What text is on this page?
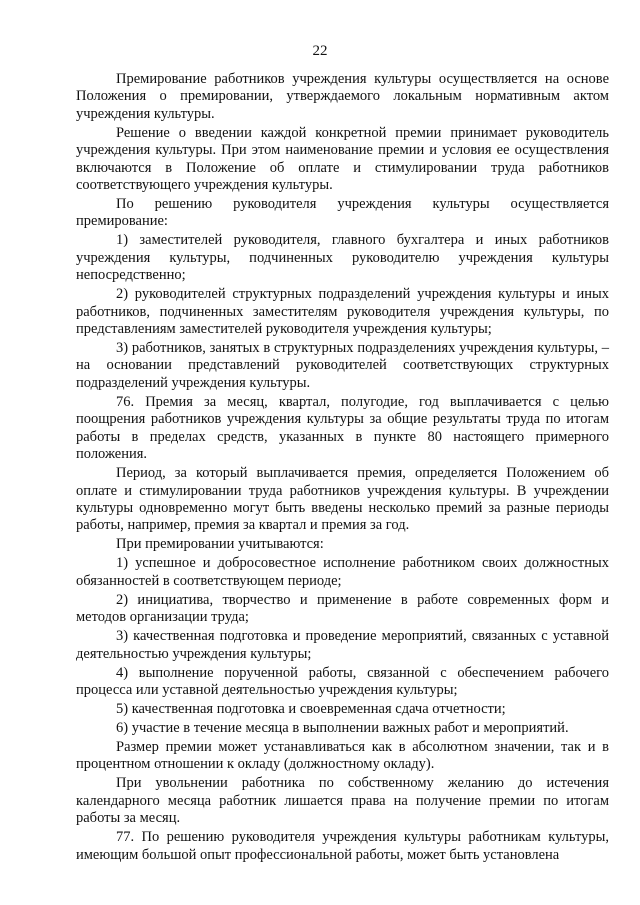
22

Премирование работников учреждения культуры осуществляется на основе Положения о премировании, утверждаемого локальным нормативным актом учреждения культуры.

Решение о введении каждой конкретной премии принимает руководитель учреждения культуры. При этом наименование премии и условия ее осуществления включаются в Положение об оплате и стимулировании труда работников соответствующего учреждения культуры.

По решению руководителя учреждения культуры осуществляется премирование:

1) заместителей руководителя, главного бухгалтера и иных работников учреждения культуры, подчиненных руководителю учреждения культуры непосредственно;

2) руководителей структурных подразделений учреждения культуры и иных работников, подчиненных заместителям руководителя учреждения культуры, по представлениям заместителей руководителя учреждения культуры;

3) работников, занятых в структурных подразделениях учреждения культуры, – на основании представлений руководителей соответствующих структурных подразделений учреждения культуры.

76. Премия за месяц, квартал, полугодие, год выплачивается с целью поощрения работников учреждения культуры за общие результаты труда по итогам работы в пределах средств, указанных в пункте 80 настоящего примерного положения.

Период, за который выплачивается премия, определяется Положением об оплате и стимулировании труда работников учреждения культуры. В учреждении культуры одновременно могут быть введены несколько премий за разные периоды работы, например, премия за квартал и премия за год.

При премировании учитываются:

1) успешное и добросовестное исполнение работником своих должностных обязанностей в соответствующем периоде;

2) инициатива, творчество и применение в работе современных форм и методов организации труда;

3) качественная подготовка и проведение мероприятий, связанных с уставной деятельностью учреждения культуры;

4) выполнение порученной работы, связанной с обеспечением рабочего процесса или уставной деятельностью учреждения культуры;

5) качественная подготовка и своевременная сдача отчетности;

6) участие в течение месяца в выполнении важных работ и мероприятий.

Размер премии может устанавливаться как в абсолютном значении, так и в процентном отношении к окладу (должностному окладу).

При увольнении работника по собственному желанию до истечения календарного месяца работник лишается права на получение премии по итогам работы за месяц.

77. По решению руководителя учреждения культуры работникам культуры, имеющим большой опыт профессиональной работы, может быть установлена
